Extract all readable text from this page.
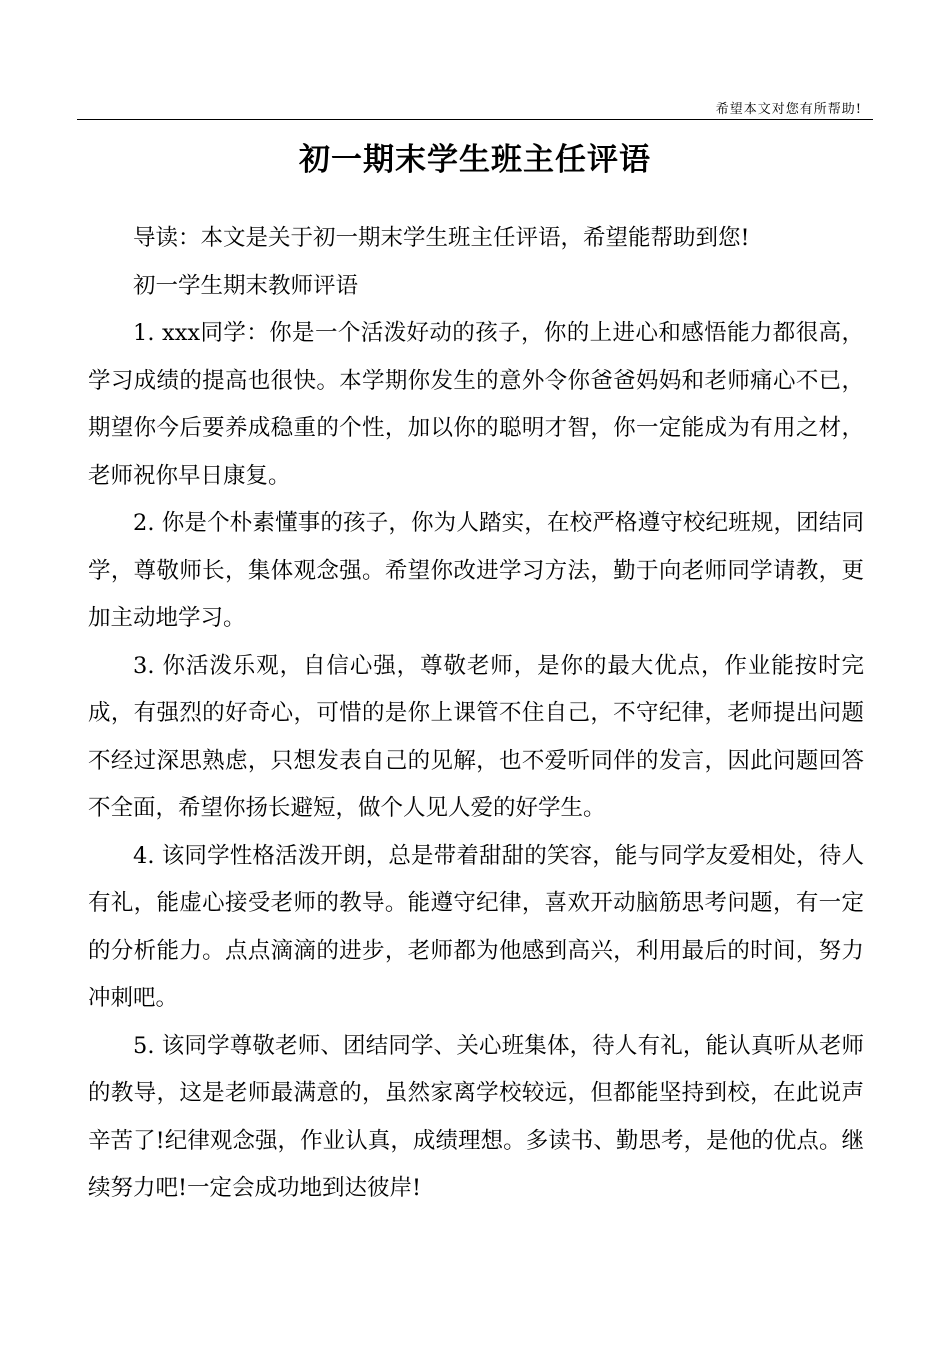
希望本文对您有所帮助!
初一期末学生班主任评语

导读：本文是关于初一期末学生班主任评语，希望能帮助到您!

初一学生期末教师评语

1. xxx同学：你是一个活泼好动的孩子，你的上进心和感悟能力都很高，学习成绩的提高也很快。本学期你发生的意外令你爸爸妈妈和老师痛心不已，期望你今后要养成稳重的个性，加以你的聪明才智，你一定能成为有用之材，老师祝你早日康复。

2. 你是个朴素懂事的孩子，你为人踏实，在校严格遵守校纪班规，团结同学，尊敬师长，集体观念强。希望你改进学习方法，勤于向老师同学请教，更加主动地学习。

3. 你活泼乐观，自信心强，尊敬老师，是你的最大优点，作业能按时完成，有强烈的好奇心，可惜的是你上课管不住自己，不守纪律，老师提出问题不经过深思熟虑，只想发表自己的见解，也不爱听同伴的发言，因此问题回答不全面，希望你扬长避短，做个人见人爱的好学生。

4. 该同学性格活泼开朗，总是带着甜甜的笑容，能与同学友爱相处，待人有礼，能虚心接受老师的教导。能遵守纪律，喜欢开动脑筋思考问题，有一定的分析能力。点点滴滴的进步，老师都为他感到高兴，利用最后的时间，努力冲刺吧。

5. 该同学尊敬老师、团结同学、关心班集体，待人有礼，能认真听从老师的教导，这是老师最满意的，虽然家离学校较远，但都能坚持到校，在此说声辛苦了!纪律观念强，作业认真，成绩理想。多读书、勤思考，是他的优点。继续努力吧!一定会成功地到达彼岸!
